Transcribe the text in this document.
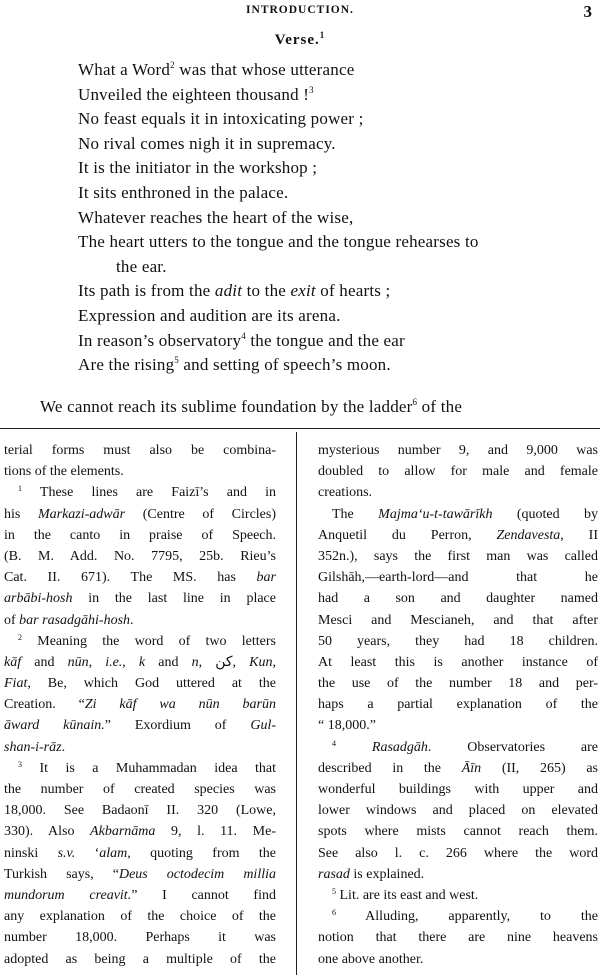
INTRODUCTION.	3
Verse.$^1$
What a Word$^2$ was that whose utterance
Unveiled the eighteen thousand !$^3$
No feast equals it in intoxicating power ;
No rival comes nigh it in supremacy.
It is the initiator in the workshop ;
It sits enthroned in the palace.
Whatever reaches the heart of the wise,
The heart utters to the tongue and the tongue rehearses to
the ear.
Its path is from the adit to the exit of hearts ;
Expression and audition are its arena.
In reason’s observatory$^4$ the tongue and the ear
Are the rising$^5$ and setting of speech’s moon.
We cannot reach its sublime foundation by the ladder$^6$ of the
terial forms must also be combina-
tions of the elements.
$^1$ These lines are Faizī’s and in
his Markazi-adwār (Centre of Circles)
in the canto in praise of Speech.
(B. M. Add. No. 7795, 25b. Rieu’s
Cat. II. 671). The MS. has bar
arbābi-hosh in the last line in place
of bar rasadgāhi-hosh.
$^2$ Meaning the word of two letters
kāf and nūn, i.e., k and n, کن, Kun,
Fiat, Be, which God uttered at the
Creation. “Zi kāf wa nūn barūn
āward kūnain.” Exordium of Gul-
shan-i-rāz.
$^3$ It is a Muhammadan idea that
the number of created species was
18,000. See Badaonī II. 320 (Lowe,
330). Also Akbarnāma 9, l. 11. Me-
ninski s.v. ‘alam, quoting from the
Turkish says, “Deus octodecim millia
mundorum creavit.” I cannot find
any explanation of the choice of the
number 18,000. Perhaps it was
adopted as being a multiple of the
mysterious number 9, and 9,000 was
doubled to allow for male and female
creations.
The Majma‘u-t-tawārīkh (quoted by
Anquetil du Perron, Zendavesta, II
352n.), says the first man was called
Gilshāh,—earth-lord—and that he
had a son and daughter named
Mesci and Mescianeh, and that after
50 years, they had 18 children.
At least this is another instance of
the use of the number 18 and per-
haps a partial explanation of the
“ 18,000.”
$^4$	Rasadgāh. Observatories are
described in the Āīn (II, 265) as
wonderful buildings with upper and
lower windows and placed on elevated
spots where mists cannot reach them.
See also l. c. 266 where the word
rasad is explained.
$^5$ Lit. are its east and west.
$^6$ Alluding, apparently, to the
notion that there are nine heavens
one above another.
